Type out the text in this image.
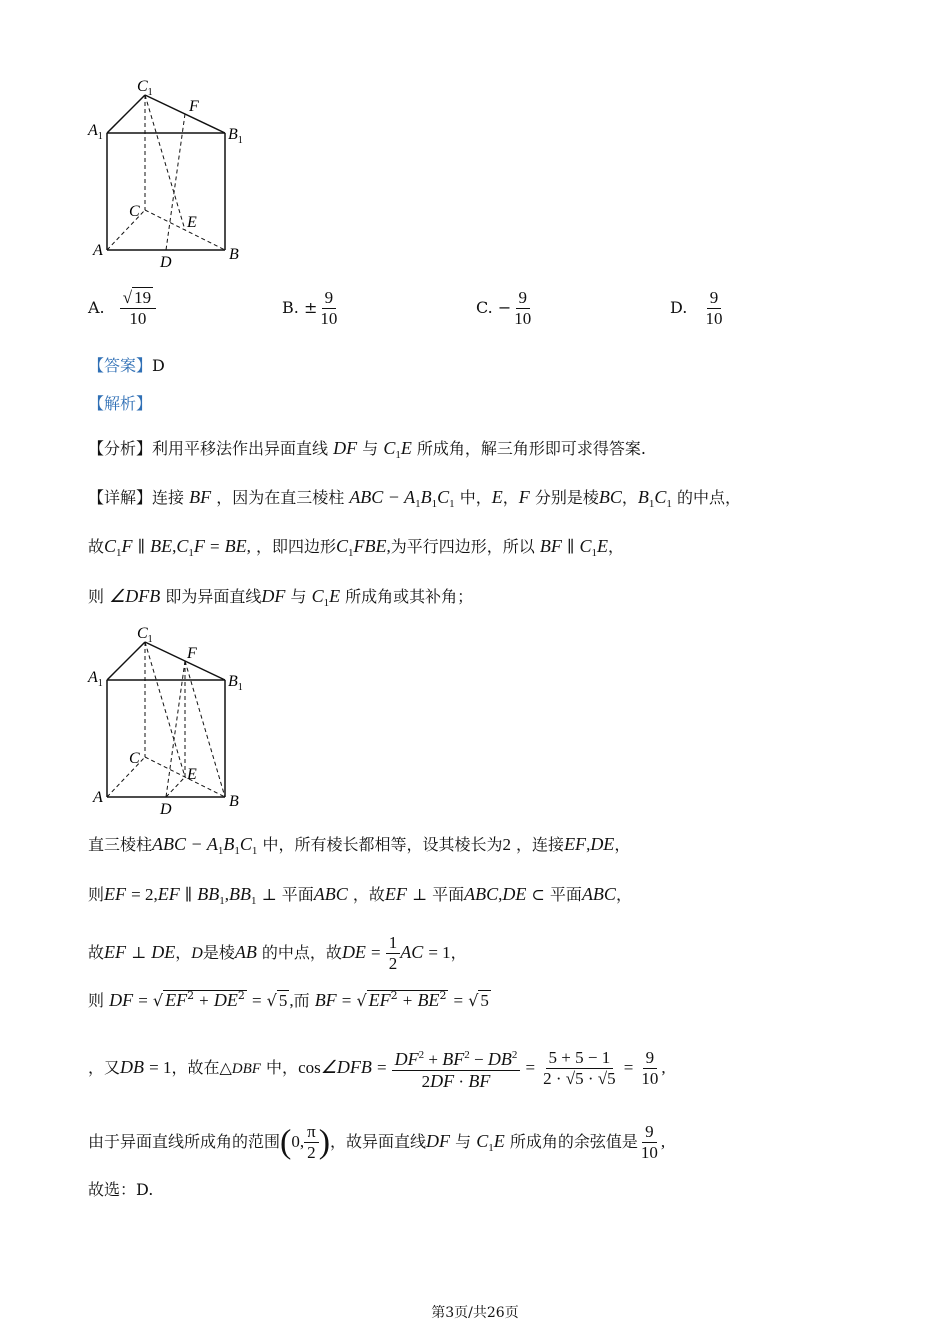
$C_1$
F
$A_1$	$B_1$
C
E
A	B
D
A. $\frac{√ 19}{10}$	B. ± $\frac{9}{10}$	C. − $\frac{9}{10}$	D. $\frac{9}{10}$
【答案】D
【解析】
【分析】利用平移法作出异面直线 DF 与 $C_1E$ 所成角，解三角形即可求得答案.
【详解】连接 BF ，因为在直三棱柱 ABC − $A_1B_1C_1$ 中，E，F 分别是棱BC，$B_1C_1$ 的中点，
故$C_1F$ ∥ $BE,C_1F$ = BE, ，即四边形$C_1FBE$,为平行四边形，所以 BF ∥ $C_1E$，
则 ∠DFB 即为异面直线DF 与 $C_1E$ 所成角或其补角；
$C_1$
F
$A_1$	$B_1$
C
E
A	B
D
直三棱柱ABC − $A_1B_1C_1$ 中，所有棱长都相等，设其棱长为2 ，连接EF,DE，
则EF = 2,EF ∥ $BB_1,BB_1$ ⊥ 平面ABC ，故EF ⊥ 平面ABC,DE ⊂ 平面ABC，
故EF ⊥ DE，D是棱AB 的中点，故DE = $\frac{1}{2}$ AC = 1，
则 DF = √ $EF^2 + DE^2$ = √ 5 ,而 BF = √ $EF^2 + BE^2$ = √ 5
，又DB = 1，故在△DBF 中，cos∠DFB = $\frac{DF^2 + BF^2 - DB^2}{2DF \cdot BF} = \frac{5 + 5 - 1}{2 \cdot √5 \cdot √5} = \frac{9}{10}$ ,
由于异面直线所成角的范围(0, $\frac{\pi}{2}$ )，故异面直线DF 与 $C_1E$ 所成角的余弦值是 $\frac{9}{10}$ ,
故选：D.
第3页/共26页
